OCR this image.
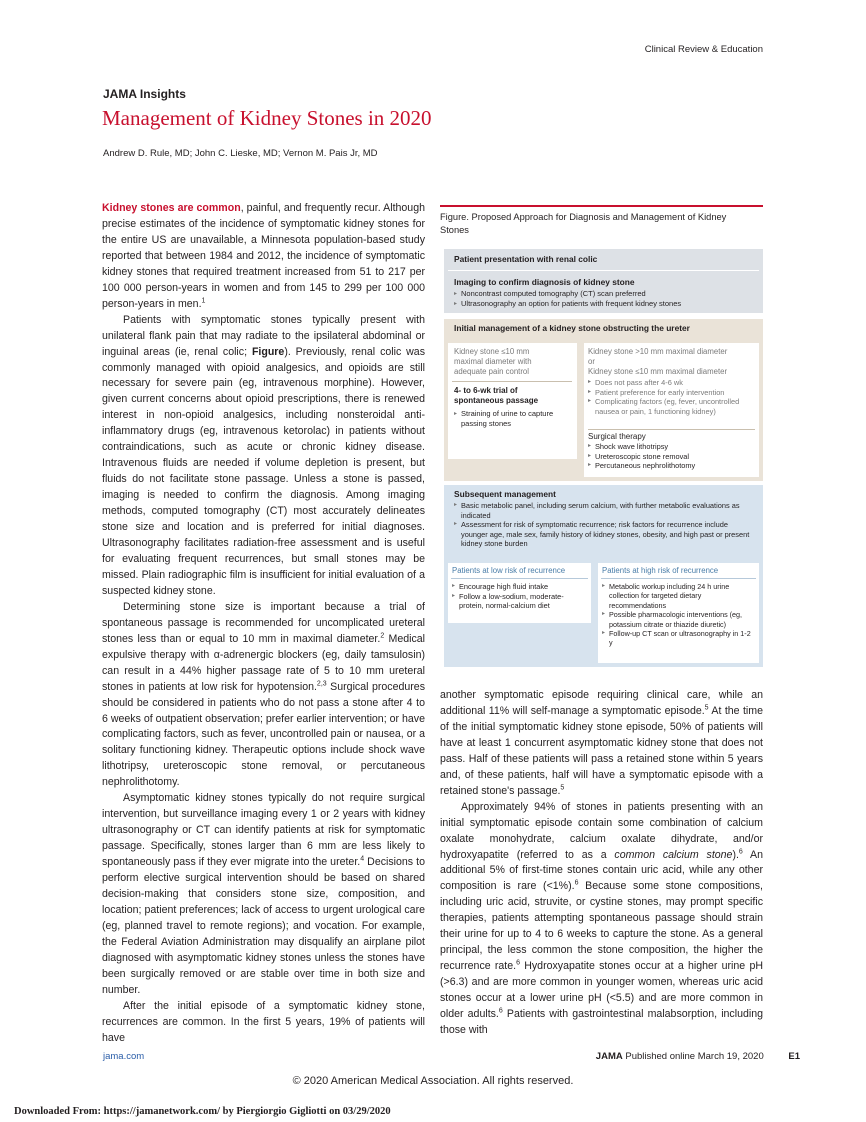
Clinical Review & Education
JAMA Insights
Management of Kidney Stones in 2020
Andrew D. Rule, MD; John C. Lieske, MD; Vernon M. Pais Jr, MD

Kidney stones are common, painful, and frequently recur. Although precise estimates of the incidence of symptomatic kidney stones for the entire US are unavailable, a Minnesota population-based study reported that between 1984 and 2012, the incidence of symptomatic kidney stones that required treatment increased from 51 to 217 per 100 000 person-years in women and from 145 to 299 per 100 000 person-years in men.$^1$

Patients with symptomatic stones typically present with unilateral flank pain that may radiate to the ipsilateral abdominal or inguinal areas (ie, renal colic; Figure). Previously, renal colic was commonly managed with opioid analgesics, and opioids are still necessary for severe pain (eg, intravenous morphine). However, given current concerns about opioid prescriptions, there is renewed interest in non-opioid analgesics, including nonsteroidal anti-inflammatory drugs (eg, intravenous ketorolac) in patients without contraindications, such as acute or chronic kidney disease. Intravenous fluids are needed if volume depletion is present, but fluids do not facilitate stone passage. Unless a stone is passed, imaging is needed to confirm the diagnosis. Among imaging methods, computed tomography (CT) most accurately delineates stone size and location and is preferred for initial diagnoses. Ultrasonography facilitates radiation-free assessment and is useful for evaluating frequent recurrences, but small stones may be missed. Plain radiographic film is insufficient for initial evaluation of a suspected kidney stone.

Determining stone size is important because a trial of spontaneous passage is recommended for uncomplicated ureteral stones less than or equal to 10 mm in maximal diameter.$^2$ Medical expulsive therapy with α-adrenergic blockers (eg, daily tamsulosin) can result in a 44% higher passage rate of 5 to 10 mm ureteral stones in patients at low risk for hypotension.$^{2,3}$ Surgical procedures should be considered in patients who do not pass a stone after 4 to 6 weeks of outpatient observation; prefer earlier intervention; or have complicating factors, such as fever, uncontrolled pain or nausea, or a solitary functioning kidney. Therapeutic options include shock wave lithotripsy, ureteroscopic stone removal, or percutaneous nephrolithotomy.

Asymptomatic kidney stones typically do not require surgical intervention, but surveillance imaging every 1 or 2 years with kidney ultrasonography or CT can identify patients at risk for symptomatic passage. Specifically, stones larger than 6 mm are less likely to spontaneously pass if they ever migrate into the ureter.$^4$ Decisions to perform elective surgical intervention should be based on shared decision-making that considers stone size, composition, and location; patient preferences; lack of access to urgent urological care (eg, planned travel to remote regions); and vocation. For example, the Federal Aviation Administration may disqualify an airplane pilot diagnosed with asymptomatic kidney stones unless the stones have been surgically removed or are stable over time in both size and number.

After the initial episode of a symptomatic kidney stone, recurrences are common. In the first 5 years, 19% of patients will have

Figure. Proposed Approach for Diagnosis and Management of Kidney Stones
Patient presentation with renal colic
Imaging to confirm diagnosis of kidney stone
▸ Noncontrast computed tomography (CT) scan preferred
▸ Ultrasonography an option for patients with frequent kidney stones
Initial management of a kidney stone obstructing the ureter
Kidney stone ≤10 mm maximal diameter with adequate pain control
4- to 6-wk trial of spontaneous passage
▸ Straining of urine to capture passing stones
Kidney stone >10 mm maximal diameter
or
Kidney stone ≤10 mm maximal diameter
▸ Does not pass after 4-6 wk
▸ Patient preference for early intervention
▸ Complicating factors (eg, fever, uncontrolled nausea or pain, 1 functioning kidney)
Surgical therapy
▸ Shock wave lithotripsy
▸ Ureteroscopic stone removal
▸ Percutaneous nephrolithotomy
Subsequent management
▸ Basic metabolic panel, including serum calcium, with further metabolic evaluations as indicated
▸ Assessment for risk of symptomatic recurrence; risk factors for recurrence include younger age, male sex, family history of kidney stones, obesity, and high past or present kidney stone burden
Patients at low risk of recurrence
▸ Encourage high fluid intake
▸ Follow a low-sodium, moderate-protein, normal-calcium diet
Patients at high risk of recurrence
▸ Metabolic workup including 24 h urine collection for targeted dietary recommendations
▸ Possible pharmacologic interventions (eg, potassium citrate or thiazide diuretic)
▸ Follow-up CT scan or ultrasonography in 1-2 y

another symptomatic episode requiring clinical care, while an additional 11% will self-manage a symptomatic episode.$^5$ At the time of the initial symptomatic kidney stone episode, 50% of patients will have at least 1 concurrent asymptomatic kidney stone that does not pass. Half of these patients will pass a retained stone within 5 years and, of these patients, half will have a symptomatic episode with a retained stone's passage.$^5$

Approximately 94% of stones in patients presenting with an initial symptomatic episode contain some combination of calcium oxalate monohydrate, calcium oxalate dihydrate, and/or hydroxyapatite (referred to as a common calcium stone).$^6$ An additional 5% of first-time stones contain uric acid, while any other composition is rare (<1%).$^6$ Because some stone compositions, including uric acid, struvite, or cystine stones, may prompt specific therapies, patients attempting spontaneous passage should strain their urine for up to 4 to 6 weeks to capture the stone. As a general principal, the less common the stone composition, the higher the recurrence rate.$^6$ Hydroxyapatite stones occur at a higher urine pH (>6.3) and are more common in younger women, whereas uric acid stones occur at a lower urine pH (<5.5) and are more common in older adults.$^6$ Patients with gastrointestinal malabsorption, including those with

jama.com	JAMA Published online March 19, 2020	E1
© 2020 American Medical Association. All rights reserved.
Downloaded From: https://jamanetwork.com/ by Piergiorgio Gigliotti on 03/29/2020
